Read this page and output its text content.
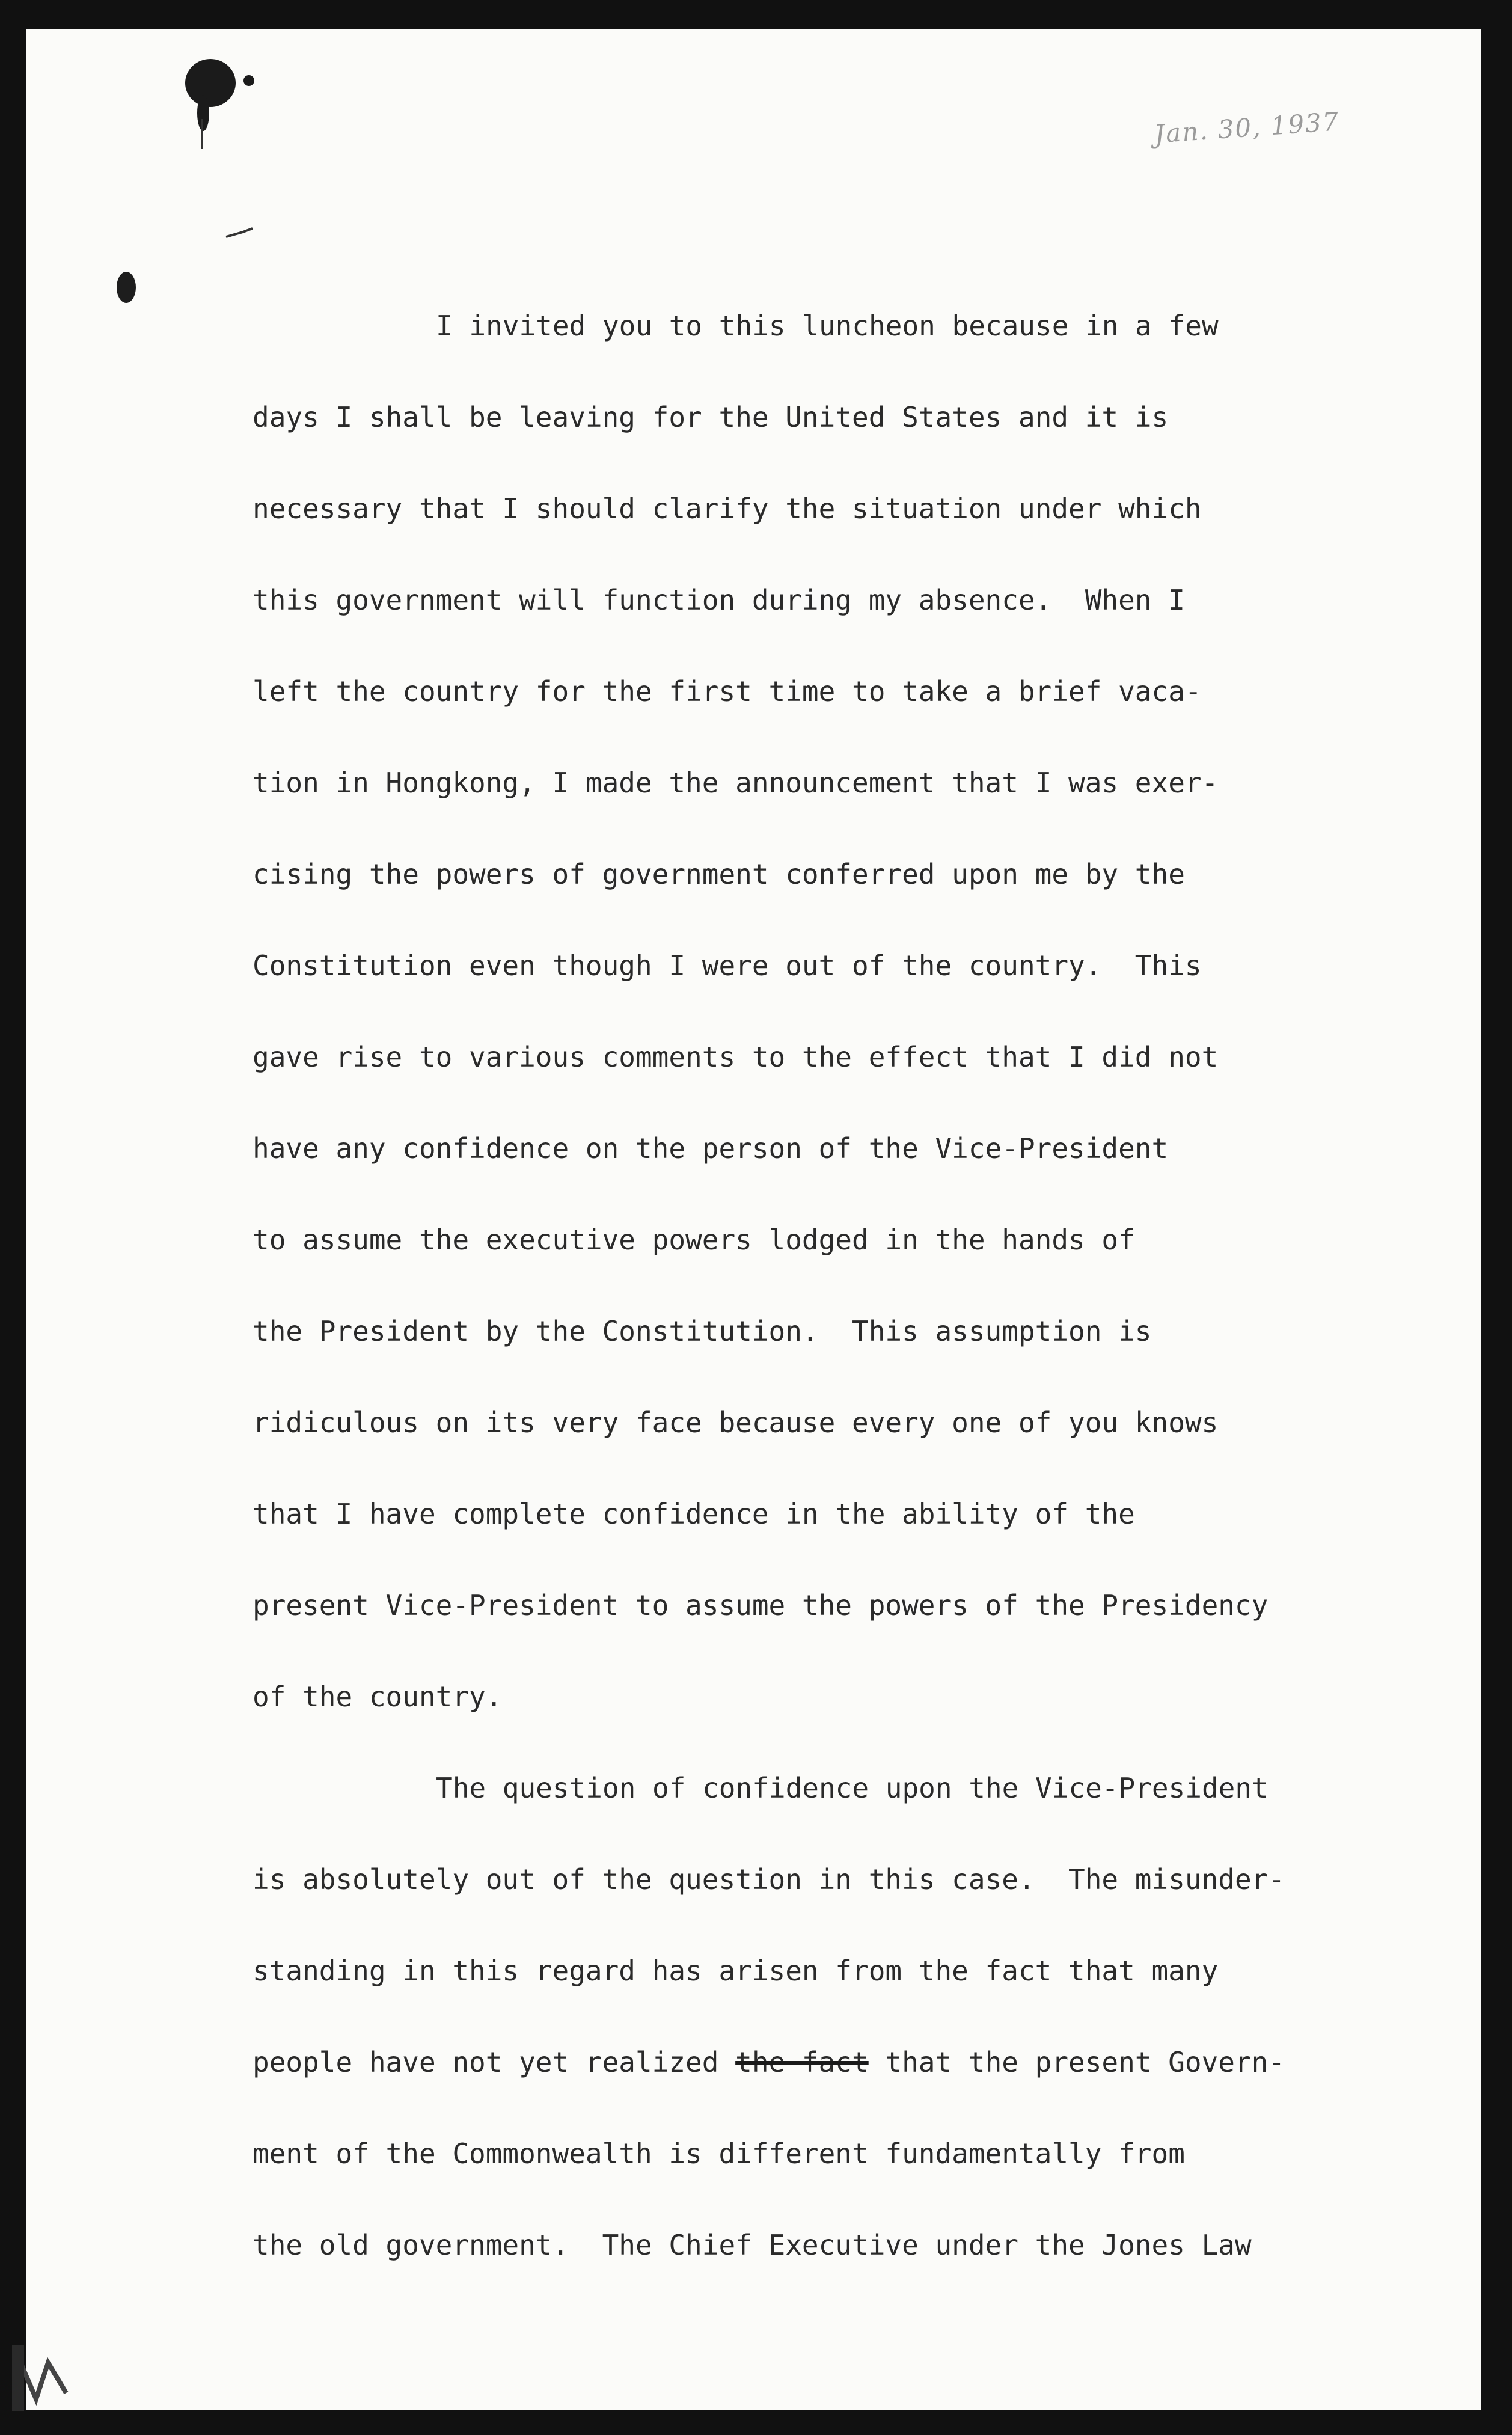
Jan. 30, 1937

I invited you to this luncheon because in a few
days I shall be leaving for the United States and it is
necessary that I should clarify the situation under which
this government will function during my absence.  When I
left the country for the first time to take a brief vaca-
tion in Hongkong, I made the announcement that I was exer-
cising the powers of government conferred upon me by the
Constitution even though I were out of the country.  This
gave rise to various comments to the effect that I did not
have any confidence on the person of the Vice-President
to assume the executive powers lodged in the hands of
the President by the Constitution.  This assumption is
ridiculous on its very face because every one of you knows
that I have complete confidence in the ability of the
present Vice-President to assume the powers of the Presidency
of the country.
The question of confidence upon the Vice-President
is absolutely out of the question in this case.  The misunder-
standing in this regard has arisen from the fact that many
people have not yet realized the fact that the present Govern-
ment of the Commonwealth is different fundamentally from
the old government.  The Chief Executive under the Jones Law
